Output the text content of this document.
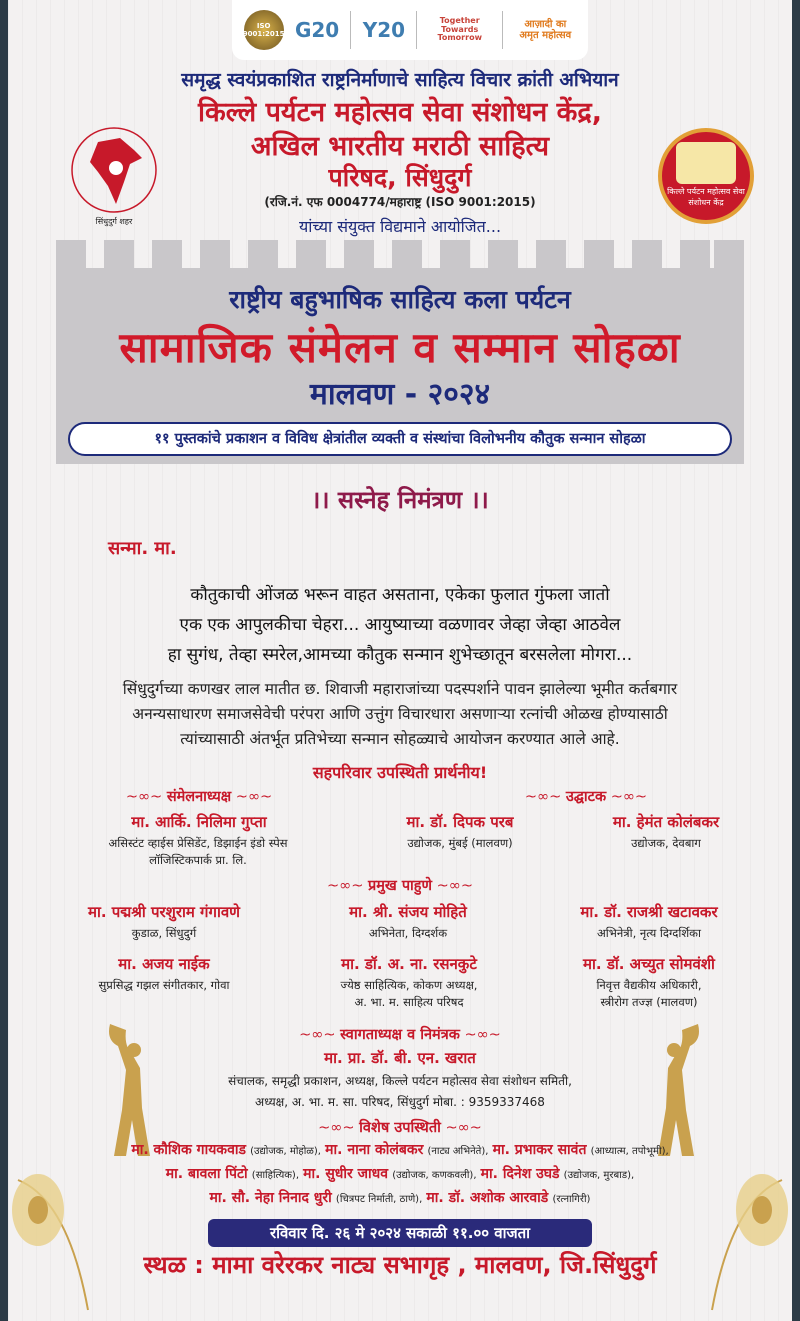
ISO 9001:2015 G20 Y20	Together Towards Tomorrow
आज़ादी का अमृत महोत्सव
समृद्ध स्वयंप्रकाशित राष्ट्रनिर्माणाचे साहित्य विचार क्रांती अभियान
किल्ले पर्यटन महोत्सव सेवा संशोधन केंद्र,
अखिल भारतीय मराठी साहित्य
परिषद, सिंधुदुर्ग
(रजि.नं. एफ 0004774/महाराष्ट्र (ISO 9001:2015)
यांच्या संयुक्त विद्यमाने आयोजित...
सिंधुदुर्ग शहर
किल्ले पर्यटन महोत्सव सेवा संशोधन केंद्र
राष्ट्रीय बहुभाषिक साहित्य कला पर्यटन
सामाजिक संमेलन व सम्मान सोहळा
मालवण - २०२४
११ पुस्तकांचे प्रकाशन व विविध क्षेत्रांतील व्यक्ती व संस्थांचा विलोभनीय कौतुक सन्मान सोहळा
।। सस्नेह निमंत्रण ।।
सन्मा. मा.
कौतुकाची ओंजळ भरून वाहत असताना, एकेका फुलात गुंफला जातो
एक एक आपुलकीचा चेहरा... आयुष्याच्या वळणावर जेव्हा जेव्हा आठवेल
हा सुगंध, तेव्हा स्मरेल,आमच्या कौतुक सन्मान शुभेच्छातून बरसलेला मोगरा...
सिंधुदुर्गच्या कणखर लाल मातीत छ. शिवाजी महाराजांच्या पदस्पर्शाने पावन झालेल्या भूमीत कर्तबगार
अनन्यसाधारण समाजसेवेची परंपरा आणि उत्तुंग विचारधारा असणाऱ्या रत्नांची ओळख होण्यासाठी
त्यांच्यासाठी अंतर्भूत प्रतिभेच्या सन्मान सोहळ्याचे आयोजन करण्यात आले आहे.
सहपरिवार उपस्थिती प्रार्थनीय!
~∞~ संमेलनाध्यक्ष ~∞~
मा. आर्कि. निलिमा गुप्ता
असिस्टंट व्हाईस प्रेसिडेंट, डिझाईन इंडो स्पेस
लॉजिस्टिकपार्क प्रा. लि.
~∞~ उद्घाटक ~∞~
मा. डॉ. दिपक परब
उद्योजक, मुंबई (मालवण)
मा. हेमंत कोलंबकर
उद्योजक, देवबाग
~∞~ प्रमुख पाहुणे ~∞~
मा. पद्मश्री परशुराम गंगावणे
कुडाळ, सिंधुदुर्ग
मा. श्री. संजय मोहिते
अभिनेता, दिग्दर्शक
मा. डॉ. राजश्री खटावकर
अभिनेत्री, नृत्य दिग्दर्शिका
मा. अजय नाईक
सुप्रसिद्ध गझल संगीतकार, गोवा
मा. डॉ. अ. ना. रसनकुटे
ज्येष्ठ साहित्यिक, कोकण अध्यक्ष,
अ. भा. म. साहित्य परिषद
मा. डॉ. अच्युत सोमवंशी
निवृत्त वैद्यकीय अधिकारी,
स्त्रीरोग तज्ज्ञ (मालवण)
~∞~ स्वागताध्यक्ष व निमंत्रक ~∞~
मा. प्रा. डॉ. बी. एन. खरात
संचालक, समृद्धी प्रकाशन, अध्यक्ष, किल्ले पर्यटन महोत्सव सेवा संशोधन समिती,
अध्यक्ष, अ. भा. म. सा. परिषद, सिंधुदुर्ग मोबा. : 9359337468
~∞~ विशेष उपस्थिती ~∞~
मा. कौशिक गायकवाड (उद्योजक, मोहोळ), मा. नाना कोलंबकर (नाट्य अभिनेते), मा. प्रभाकर सावंत (आध्यात्म, तपोभूमी),
मा. बावला पिंटो (साहित्यिक), मा. सुधीर जाधव (उद्योजक, कणकवली), मा. दिनेश उघडे (उद्योजक, मुरबाड),
मा. सौ. नेहा निनाद धुरी (चित्रपट निर्माती, ठाणे), मा. डॉ. अशोक आरवाडे (रत्नागिरी)
रविवार दि. २६ मे २०२४ सकाळी ११.०० वाजता
स्थळ : मामा वरेरकर नाट्य सभागृह , मालवण, जि.सिंधुदुर्ग
